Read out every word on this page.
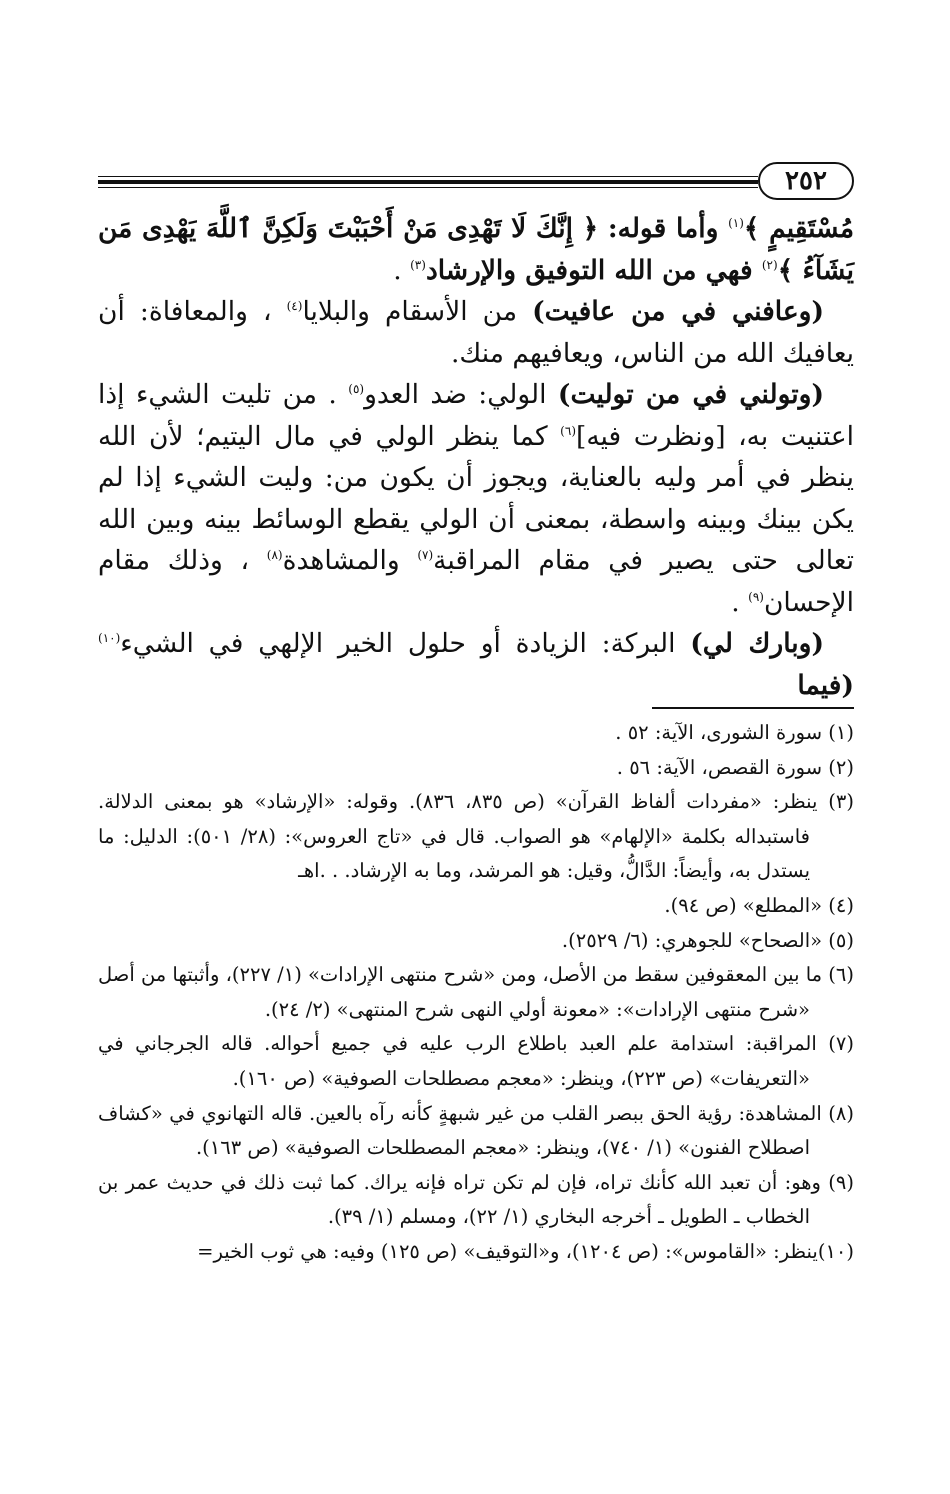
٢٥٢

مُسْتَقِيمٍ ﴾$^{(١)}$ وأما قوله: ﴿ إِنَّكَ لَا تَهْدِى مَنْ أَحْبَبْتَ وَلَكِنَّ ٱللَّهَ يَهْدِى مَن يَشَآءُ ﴾$^{(٢)}$ فهي من الله التوفيق والإرشاد$^{(٣)}$ .

(وعافني في من عافيت) من الأسقام والبلايا$^{(٤)}$ ، والمعافاة: أن يعافيك الله من الناس، ويعافيهم منك.

(وتولني في من توليت) الولي: ضد العدو$^{(٥)}$ . من تليت الشيء إذا اعتنيت به، [ونظرت فيه]$^{(٦)}$ كما ينظر الولي في مال اليتيم؛ لأن الله ينظر في أمر وليه بالعناية، ويجوز أن يكون من: وليت الشيء إذا لم يكن بينك وبينه واسطة، بمعنى أن الولي يقطع الوسائط بينه وبين الله تعالى حتى يصير في مقام المراقبة$^{(٧)}$ والمشاهدة$^{(٨)}$ ، وذلك مقام الإحسان$^{(٩)}$ .

(وبارك لي) البركة: الزيادة أو حلول الخير الإلهي في الشيء$^{(١٠)}$ (فيما

(١) سورة الشورى، الآية: ٥٢ .

(٢) سورة القصص، الآية: ٥٦ .

(٣) ينظر: «مفردات ألفاظ القرآن» (ص ٨٣٥، ٨٣٦). وقوله: «الإرشاد» هو بمعنى الدلالة. فاستبداله بكلمة «الإلهام» هو الصواب. قال في «تاج العروس»: (٢٨/ ٥٠١): الدليل: ما يستدل به، وأيضاً: الدَّالُّ، وقيل: هو المرشد، وما به الإرشاد. . .اهـ

(٤) «المطلع» (ص ٩٤).

(٥) «الصحاح» للجوهري: (٦/ ٢٥٢٩).

(٦) ما بين المعقوفين سقط من الأصل، ومن «شرح منتهى الإرادات» (١/ ٢٢٧)، وأثبتها من أصل «شرح منتهى الإرادات»: «معونة أولي النهى شرح المنتهى» (٢/ ٢٤).

(٧) المراقبة: استدامة علم العبد باطلاع الرب عليه في جميع أحواله. قاله الجرجاني في «التعريفات» (ص ٢٢٣)، وينظر: «معجم مصطلحات الصوفية» (ص ١٦٠).

(٨) المشاهدة: رؤية الحق ببصر القلب من غير شبهةٍ كأنه رآه بالعين. قاله التهانوي في «كشاف اصطلاح الفنون» (١/ ٧٤٠)، وينظر: «معجم المصطلحات الصوفية» (ص ١٦٣).

(٩) وهو: أن تعبد الله كأنك تراه، فإن لم تكن تراه فإنه يراك. كما ثبت ذلك في حديث عمر بن الخطاب ـ الطويل ـ أخرجه البخاري (١/ ٢٢)، ومسلم (١/ ٣٩).

(١٠)ينظر: «القاموس»: (ص ١٢٠٤)، و«التوقيف» (ص ١٢٥) وفيه: هي ثوب الخير=
